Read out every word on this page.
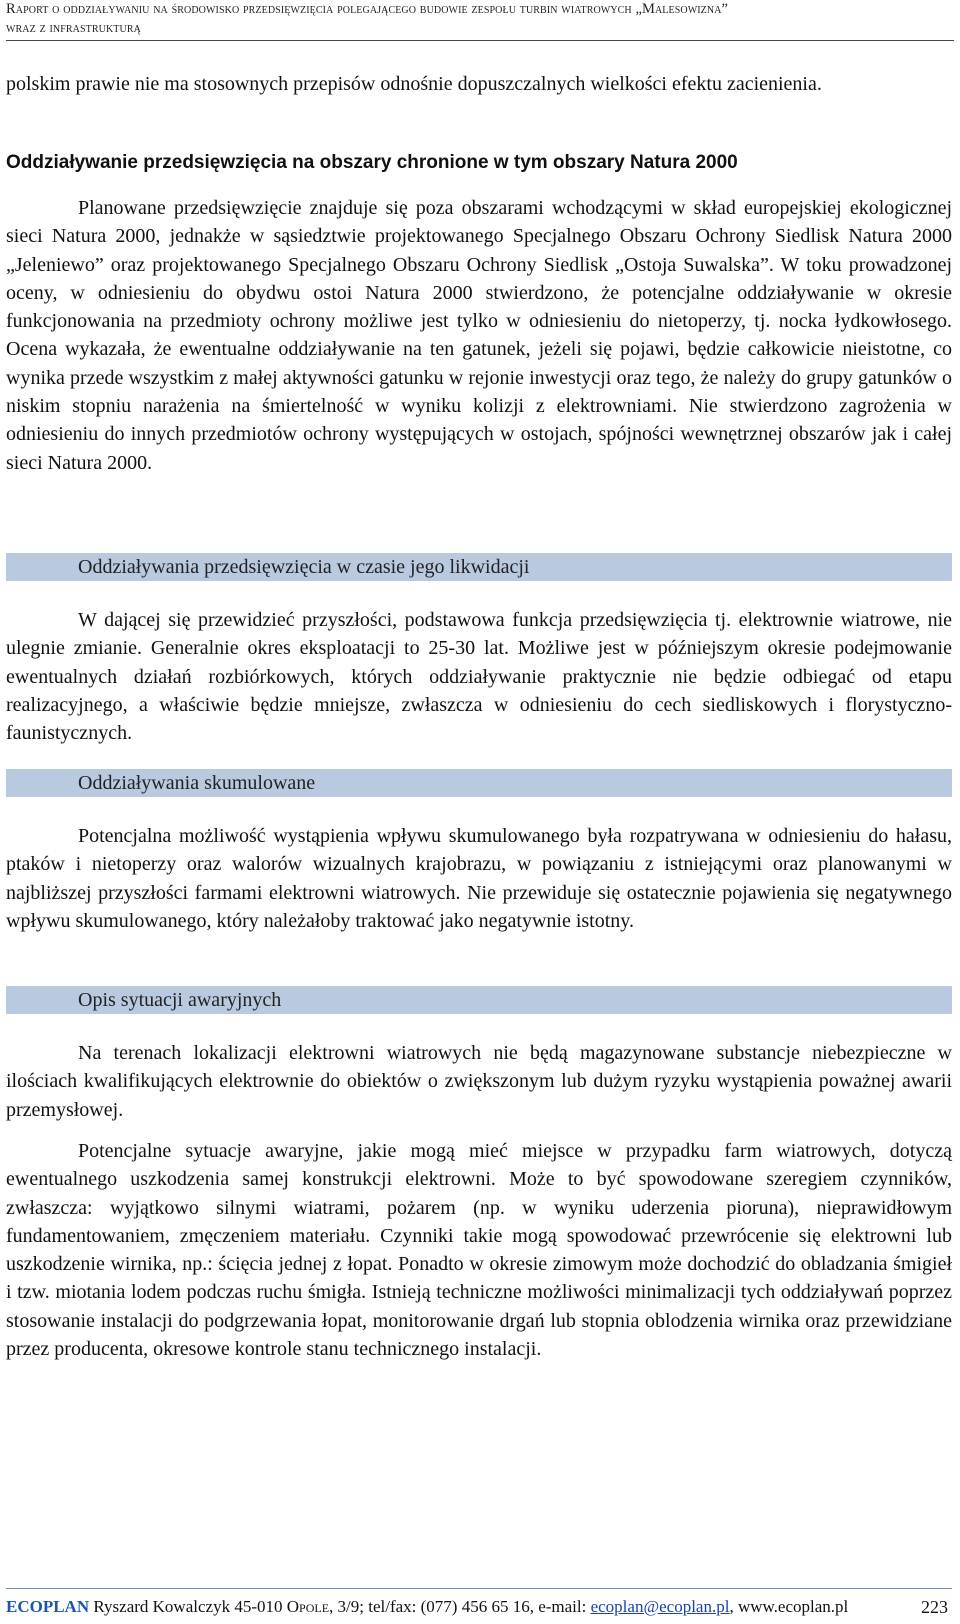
Raport o oddziaływaniu na środowisko przedsięwzięcia polegającego budowie zespołu turbin wiatrowych „Malesowizna”
wraz z infrastrukturą

polskim prawie nie ma stosownych przepisów odnośnie dopuszczalnych wielkości efektu zacienienia.

Oddziaływanie przedsięwzięcia na obszary chronione w tym obszary Natura 2000

Planowane przedsięwzięcie znajduje się poza obszarami wchodzącymi w skład europejskiej ekologicznej sieci Natura 2000, jednakże w sąsiedztwie projektowanego Specjalnego Obszaru Ochrony Siedlisk Natura 2000 „Jeleniewo” oraz projektowanego Specjalnego Obszaru Ochrony Siedlisk „Ostoja Suwalska”. W toku prowadzonej oceny, w odniesieniu do obydwu ostoi Natura 2000 stwierdzono, że potencjalne oddziaływanie w okresie funkcjonowania na przedmioty ochrony możliwe jest tylko w odniesieniu do nietoperzy, tj. nocka łydkowłosego. Ocena wykazała, że ewentualne oddziaływanie na ten gatunek, jeżeli się pojawi, będzie całkowicie nieistotne, co wynika przede wszystkim z małej aktywności gatunku w rejonie inwestycji oraz tego, że należy do grupy gatunków o niskim stopniu narażenia na śmiertelność w wyniku kolizji z elektrowniami. Nie stwierdzono zagrożenia w odniesieniu do innych przedmiotów ochrony występujących w ostojach, spójności wewnętrznej obszarów jak i całej sieci Natura 2000.

Oddziaływania przedsięwzięcia w czasie jego likwidacji

W dającej się przewidzieć przyszłości, podstawowa funkcja przedsięwzięcia tj. elektrownie wiatrowe, nie ulegnie zmianie. Generalnie okres eksploatacji to 25-30 lat. Możliwe jest w późniejszym okresie podejmowanie ewentualnych działań rozbiórkowych, których oddziaływanie praktycznie nie będzie odbiegać od etapu realizacyjnego, a właściwie będzie mniejsze, zwłaszcza w odniesieniu do cech siedliskowych i florystyczno-faunistycznych.

Oddziaływania skumulowane

Potencjalna możliwość wystąpienia wpływu skumulowanego była rozpatrywana w odniesieniu do hałasu, ptaków i nietoperzy oraz walorów wizualnych krajobrazu, w powiązaniu z istniejącymi oraz planowanymi w najbliższej przyszłości farmami elektrowni wiatrowych. Nie przewiduje się ostatecznie pojawienia się negatywnego wpływu skumulowanego, który należałoby traktować jako negatywnie istotny.

Opis sytuacji awaryjnych

Na terenach lokalizacji elektrowni wiatrowych nie będą magazynowane substancje niebezpieczne w ilościach kwalifikujących elektrownie do obiektów o zwiększonym lub dużym ryzyku wystąpienia poważnej awarii przemysłowej.

Potencjalne sytuacje awaryjne, jakie mogą mieć miejsce w przypadku farm wiatrowych, dotyczą ewentualnego uszkodzenia samej konstrukcji elektrowni. Może to być spowodowane szeregiem czynników, zwłaszcza: wyjątkowo silnymi wiatrami, pożarem (np. w wyniku uderzenia pioruna), nieprawidłowym fundamentowaniem, zmęczeniem materiału. Czynniki takie mogą spowodować przewrócenie się elektrowni lub uszkodzenie wirnika, np.: ścięcia jednej z łopat. Ponadto w okresie zimowym może dochodzić do obladzania śmigieł i tzw. miotania lodem podczas ruchu śmigła. Istnieją techniczne możliwości minimalizacji tych oddziaływań poprzez stosowanie instalacji do podgrzewania łopat, monitorowanie drgań lub stopnia oblodzenia wirnika oraz przewidziane przez producenta, okresowe kontrole stanu technicznego instalacji.

ECOPLAN Ryszard Kowalczyk 45-010 Opole, 3/9; tel/fax: (077) 456 65 16, e-mail: ecoplan@ecoplan.pl, www.ecoplan.pl	223
